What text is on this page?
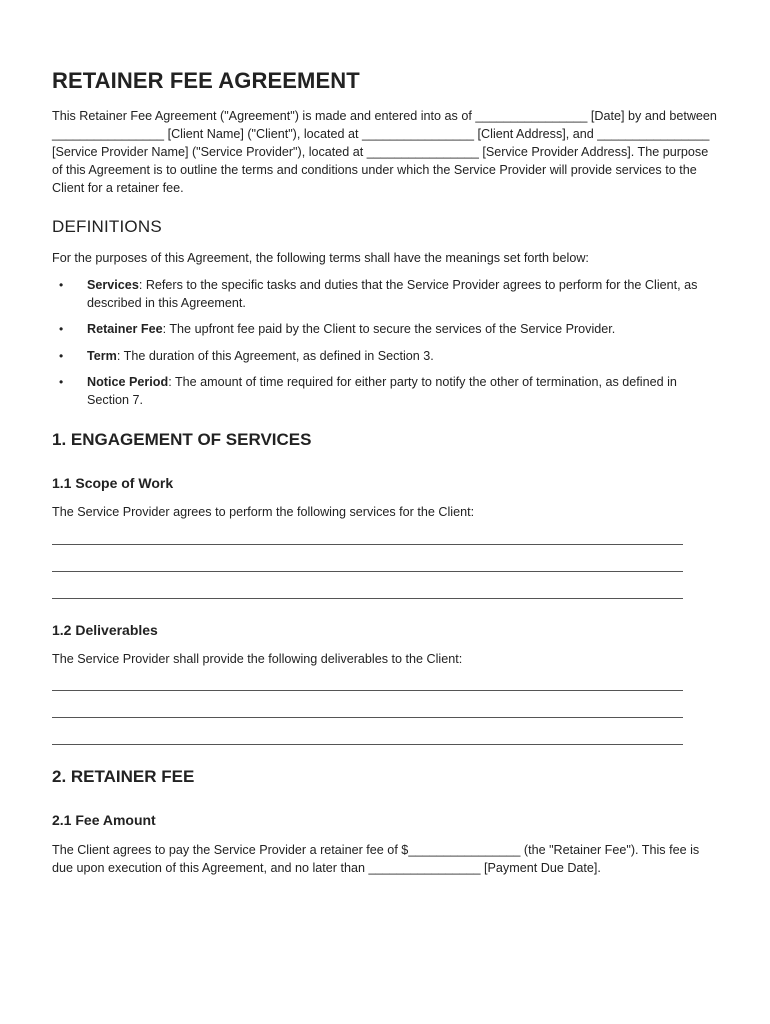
RETAINER FEE AGREEMENT

This Retainer Fee Agreement ("Agreement") is made and entered into as of ________________ [Date] by and between ________________ [Client Name] ("Client"), located at ________________ [Client Address], and ________________ [Service Provider Name] ("Service Provider"), located at ________________ [Service Provider Address]. The purpose of this Agreement is to outline the terms and conditions under which the Service Provider will provide services to the Client for a retainer fee.

DEFINITIONS

For the purposes of this Agreement, the following terms shall have the meanings set forth below:

• Services: Refers to the specific tasks and duties that the Service Provider agrees to perform for the Client, as described in this Agreement.
• Retainer Fee: The upfront fee paid by the Client to secure the services of the Service Provider.
• Term: The duration of this Agreement, as defined in Section 3.
• Notice Period: The amount of time required for either party to notify the other of termination, as defined in Section 7.
1. ENGAGEMENT OF SERVICES
1.1 Scope of Work

The Service Provider agrees to perform the following services for the Client:

1.2 Deliverables

The Service Provider shall provide the following deliverables to the Client:

2. RETAINER FEE
2.1 Fee Amount

The Client agrees to pay the Service Provider a retainer fee of $________________ (the "Retainer Fee"). This fee is due upon execution of this Agreement, and no later than ________________ [Payment Due Date].
